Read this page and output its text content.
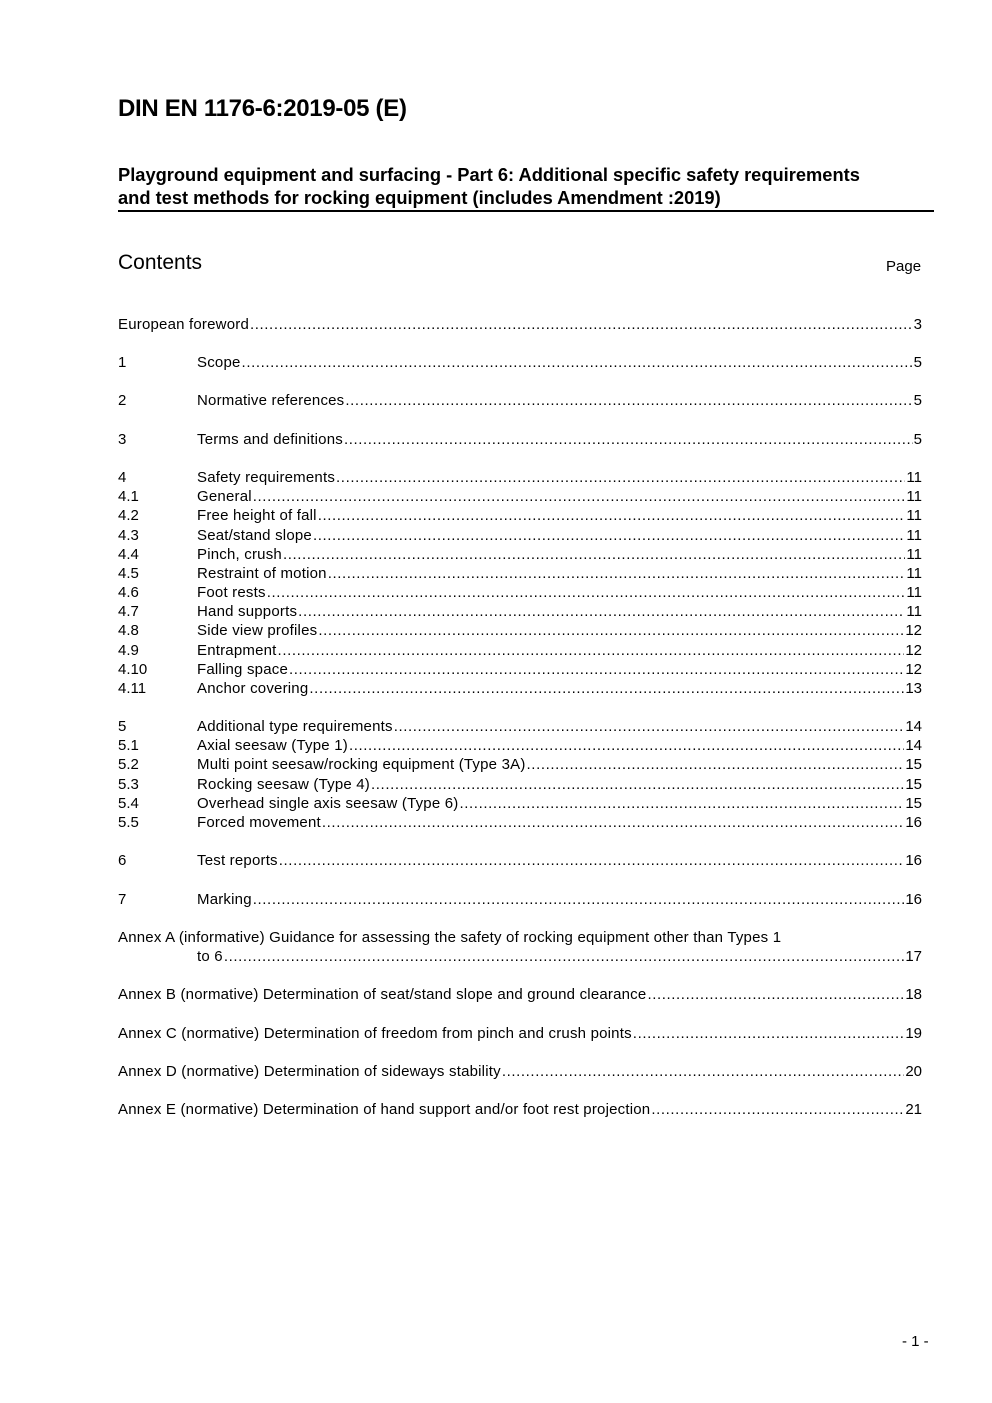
DIN EN 1176-6:2019-05 (E)
Playground equipment and surfacing - Part 6: Additional specific safety requirements
and test methods for rocking equipment (includes Amendment :2019)
Contents	Page
European foreword .....	3
1	Scope .....	5
2	Normative references .....	5
3	Terms and definitions .....	5
4	Safety requirements .....	11
4.1	General .....	11
4.2	Free height of fall .....	11
4.3	Seat/stand slope .....	11
4.4	Pinch, crush .....	11
4.5	Restraint of motion .....	11
4.6	Foot rests .....	11
4.7	Hand supports .....	11
4.8	Side view profiles .....	12
4.9	Entrapment .....	12
4.10	Falling space .....	12
4.11	Anchor covering .....	13
5	Additional type requirements .....	14
5.1	Axial seesaw (Type 1) .....	14
5.2	Multi point seesaw/rocking equipment (Type 3A) .....	15
5.3	Rocking seesaw (Type 4) .....	15
5.4	Overhead single axis seesaw (Type 6) .....	15
5.5	Forced movement .....	16
6	Test reports .....	16
7	Marking .....	16
Annex A (informative) Guidance for assessing the safety of rocking equipment other than Types 1
to 6 .....	17
Annex B (normative) Determination of seat/stand slope and ground clearance .....	18
Annex C (normative) Determination of freedom from pinch and crush points .....	19
Annex D (normative) Determination of sideways stability .....	20
Annex E (normative) Determination of hand support and/or foot rest projection .....	21
- 1 -
